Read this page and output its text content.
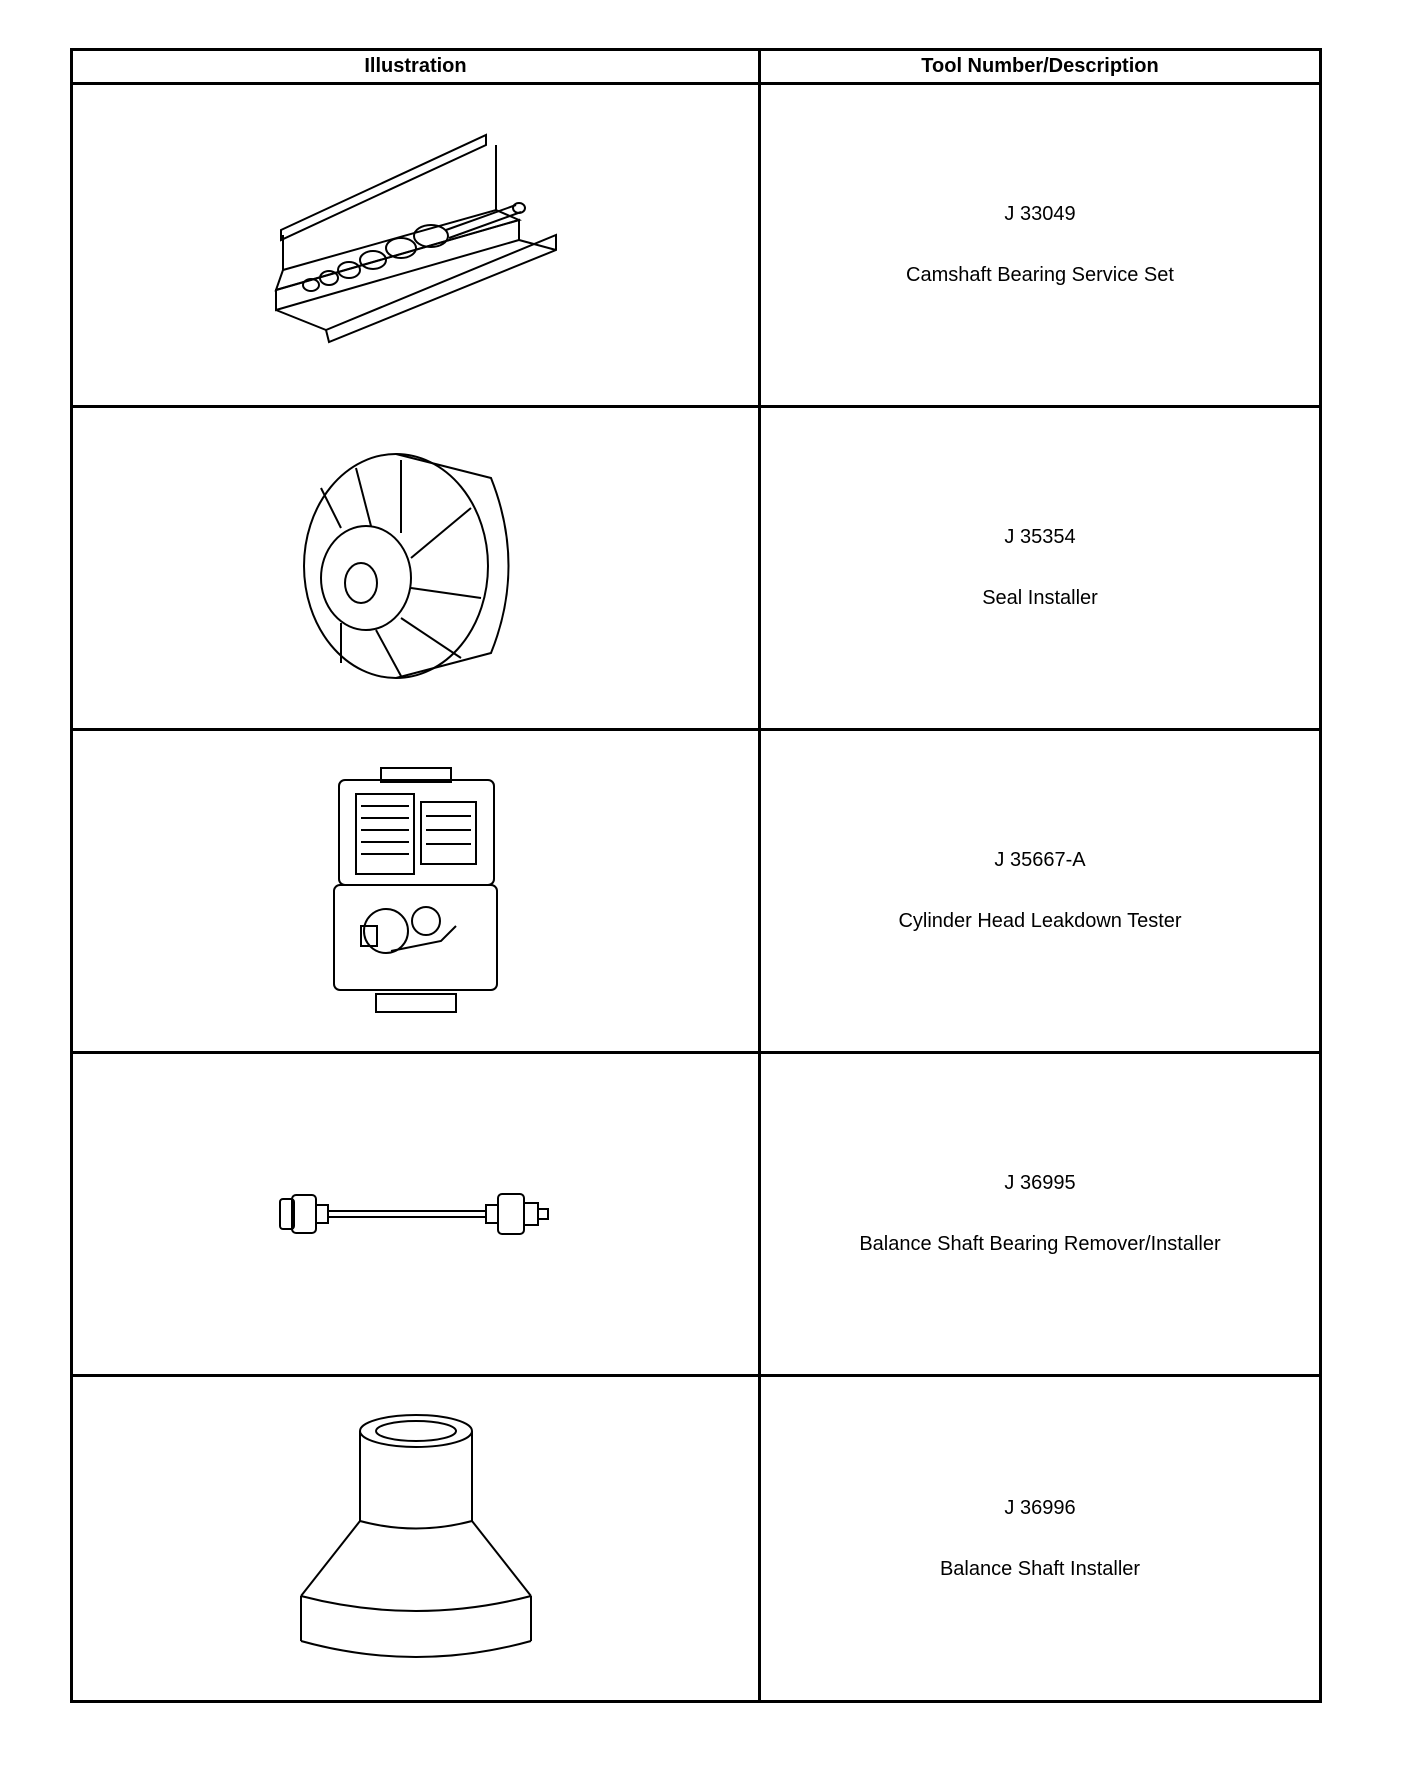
Illustration	Tool Number/Description
J 33049
Camshaft Bearing Service Set
J 35354
Seal Installer
J 35667-A
Cylinder Head Leakdown Tester
J 36995
Balance Shaft Bearing Remover/Installer
J 36996
Balance Shaft Installer
